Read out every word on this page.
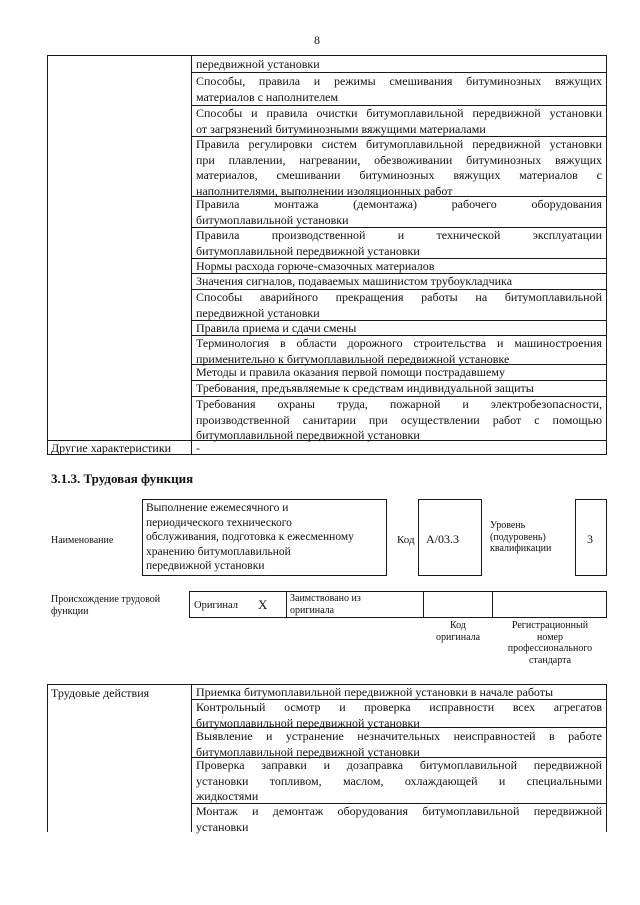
8
передвижной установки
Способы, правила и режимы смешивания битуминозных вяжущих
материалов с наполнителем
Способы и правила очистки битумоплавильной передвижной установки
от загрязнений битуминозными вяжущими материалами
Правила регулировки систем битумоплавильной передвижной установки
при плавлении, нагревании, обезвоживании битуминозных вяжущих
материалов, смешивании битуминозных вяжущих материалов с
наполнителями, выполнении изоляционных работ
Правила монтажа (демонтажа) рабочего оборудования
битумоплавильной установки
Правила производственной и технической эксплуатации
битумоплавильной передвижной установки
Нормы расхода горюче-смазочных материалов
Значения сигналов, подаваемых машинистом трубоукладчика
Способы аварийного прекращения работы на битумоплавильной
передвижной установки
Правила приема и сдачи смены
Терминология в области дорожного строительства и машиностроения
применительно к битумоплавильной передвижной установке
Методы и правила оказания первой помощи пострадавшему
Требования, предъявляемые к средствам индивидуальной защиты
Требования охраны труда, пожарной и электробезопасности,
производственной санитарии при осуществлении работ с помощью
битумоплавильной передвижной установки
Другие характеристики -
3.1.3. Трудовая функция
Наименование
Выполнение ежемесячного и
периодического технического
обслуживания, подготовка к ежесменному
хранению битумоплавильной
передвижной установки
Код A/03.3
Уровень
(подуровень)
квалификации
3
Происхождение трудовой
функции	Оригинал X Заимствовано из
оригинала
Код
оригинала
Регистрационный
номер
профессионального
стандарта
Трудовые действия	Приемка битумоплавильной передвижной установки в начале работы
Контрольный осмотр и проверка исправности всех агрегатов
битумоплавильной передвижной установки
Выявление и устранение незначительных неисправностей в работе
битумоплавильной передвижной установки
Проверка заправки и дозаправка битумоплавильной передвижной
установки топливом, маслом, охлаждающей и специальными
жидкостями
Монтаж и демонтаж оборудования битумоплавильной передвижной
установки
